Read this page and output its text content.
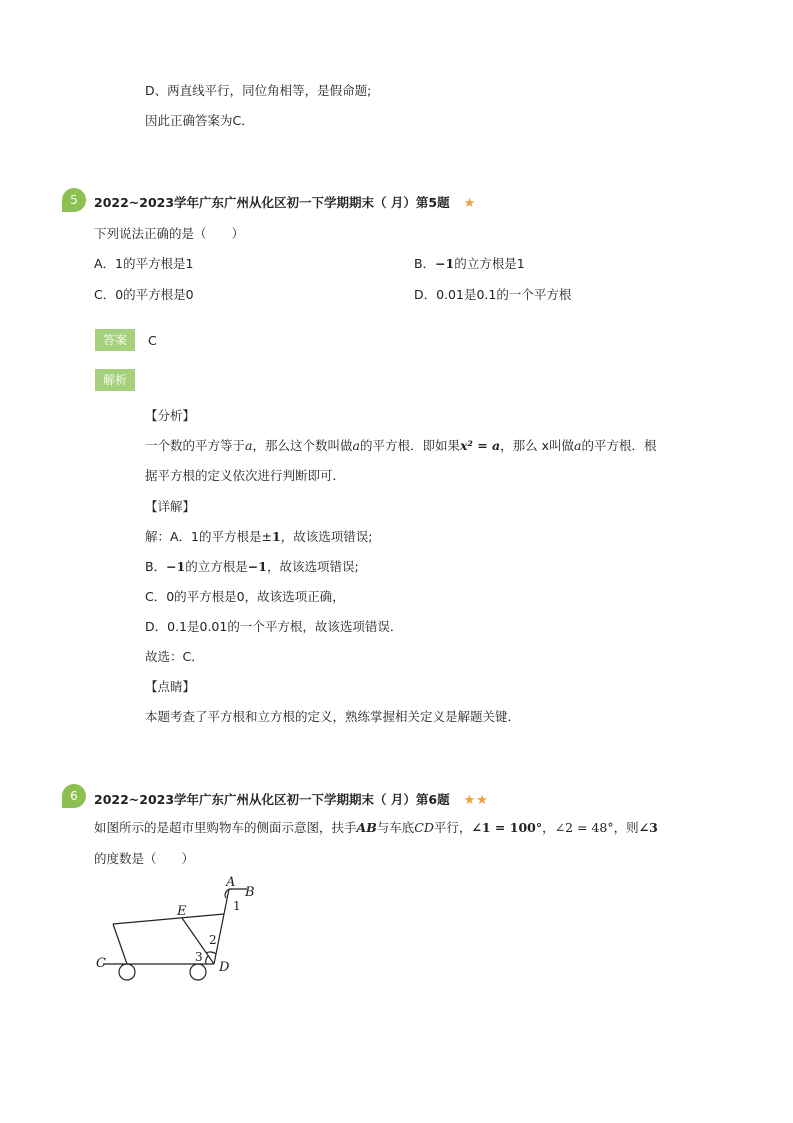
D、两直线平行，同位角相等，是假命题;
因此正确答案为C．
5	2022~2023学年广东广州从化区初一下学期期末（ 月）第5题 ★
下列说法正确的是（　　）
A．1的平方根是1	B．−1的立方根是1
C．0的平方根是0	D．0.01是0.1的一个平方根
答案	C
解析
【分析】
一个数的平方等于a，那么这个数叫做a的平方根．即如果x² = a，那么 x叫做a的平方根．根
据平方根的定义依次进行判断即可．
【详解】
解：A．1的平方根是±1，故该选项错误;
B．−1的立方根是−1，故该选项错误;
C．0的平方根是0，故该选项正确，
D．0.1是0.01的一个平方根，故该选项错误．
故选：C．
【点睛】
本题考查了平方根和立方根的定义，熟练掌握相关定义是解题关键．
6	2022~2023学年广东广州从化区初一下学期期末（ 月）第6题 ★★
如图所示的是超市里购物车的侧面示意图，扶手AB与车底CD平行，∠1 = 100°，∠2 = 48°，则∠3
的度数是（　　）
A
B
C	D
E	1
2
3
